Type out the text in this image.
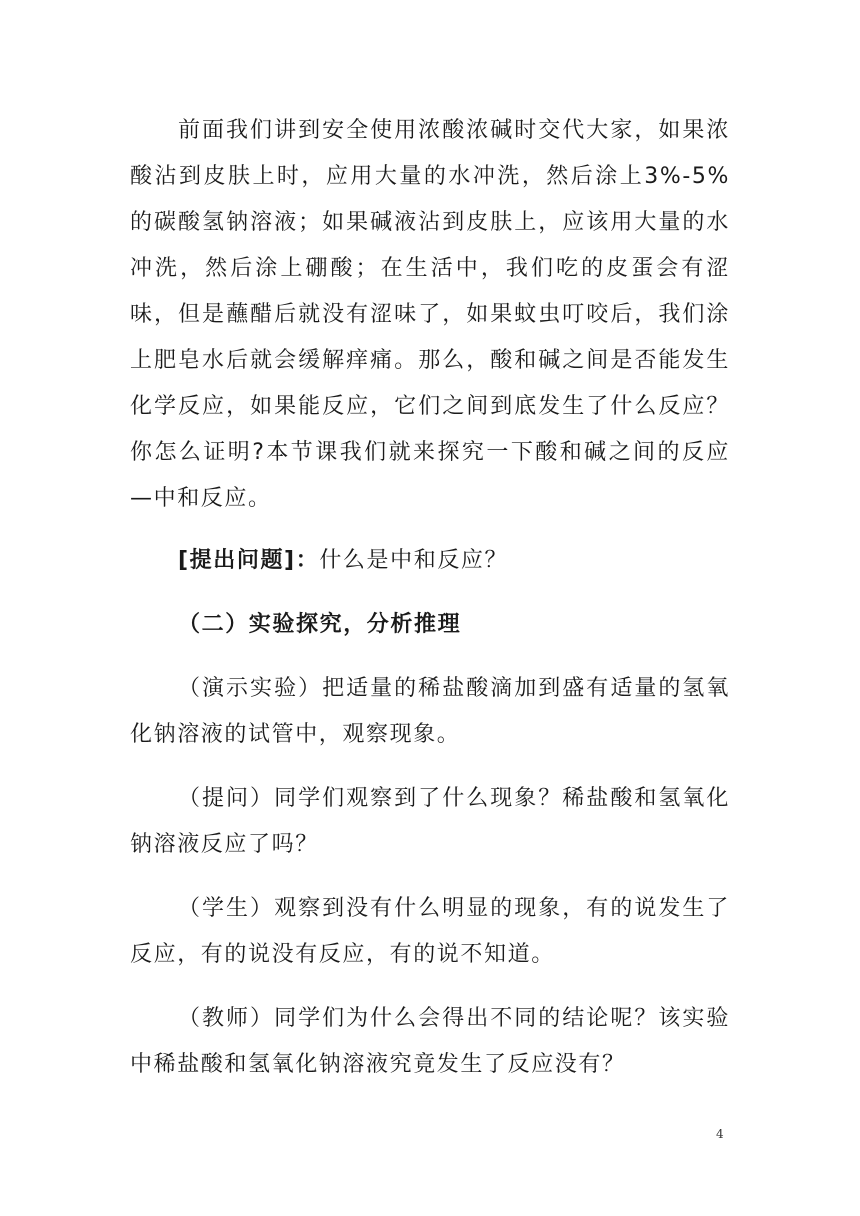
前面我们讲到安全使用浓酸浓碱时交代大家，如果浓酸沾到皮肤上时，应用大量的水冲洗，然后涂上3%-5%的碳酸氢钠溶液；如果碱液沾到皮肤上，应该用大量的水冲洗，然后涂上硼酸；在生活中，我们吃的皮蛋会有涩味，但是蘸醋后就没有涩味了，如果蚊虫叮咬后，我们涂上肥皂水后就会缓解痒痛。那么，酸和碱之间是否能发生化学反应，如果能反应，它们之间到底发生了什么反应？你怎么证明?本节课我们就来探究一下酸和碱之间的反应—中和反应。

[提出问题]：什么是中和反应？

（二）实验探究，分析推理

（演示实验）把适量的稀盐酸滴加到盛有适量的氢氧化钠溶液的试管中，观察现象。

（提问）同学们观察到了什么现象？稀盐酸和氢氧化钠溶液反应了吗？

（学生）观察到没有什么明显的现象，有的说发生了反应，有的说没有反应，有的说不知道。

（教师）同学们为什么会得出不同的结论呢？该实验中稀盐酸和氢氧化钠溶液究竟发生了反应没有？

4
